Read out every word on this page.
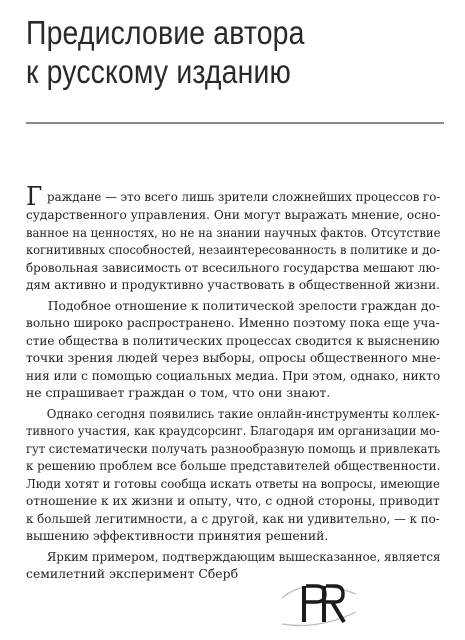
Предисловие автора
к русскому изданию

Граждане — это всего лишь зрители сложнейших процессов го-
сударственного управления. Они могут выражать мнение, осно-
ванное на ценностях, но не на знании научных фактов. Отсутствие
когнитивных способностей, незаинтересованность в политике и до-
бровольная зависимость от всесильного государства мешают лю-
дям активно и продуктивно участвовать в общественной жизни.

Подобное отношение к политической зрелости граждан до-
вольно широко распространено. Именно поэтому пока еще уча-
стие общества в политических процессах сводится к выяснению
точки зрения людей через выборы, опросы общественного мне-
ния или с помощью социальных медиа. При этом, однако, никто
не спрашивает граждан о том, что они знают.

Однако сегодня появились такие онлайн-инструменты коллек-
тивного участия, как краудсорсинг. Благодаря им организации мо-
гут систематически получать разнообразную помощь и привлекать
к решению проблем все больше представителей общественности.
Люди хотят и готовы сообща искать ответы на вопросы, имеющие
отношение к их жизни и опыту, что, с одной стороны, приводит
к большей легитимности, а с другой, как ни удивительно, — к по-
вышению эффективности принятия решений.

Ярким примером, подтверждающим вышесказанное, является
семилетний эксперимент Сберб
